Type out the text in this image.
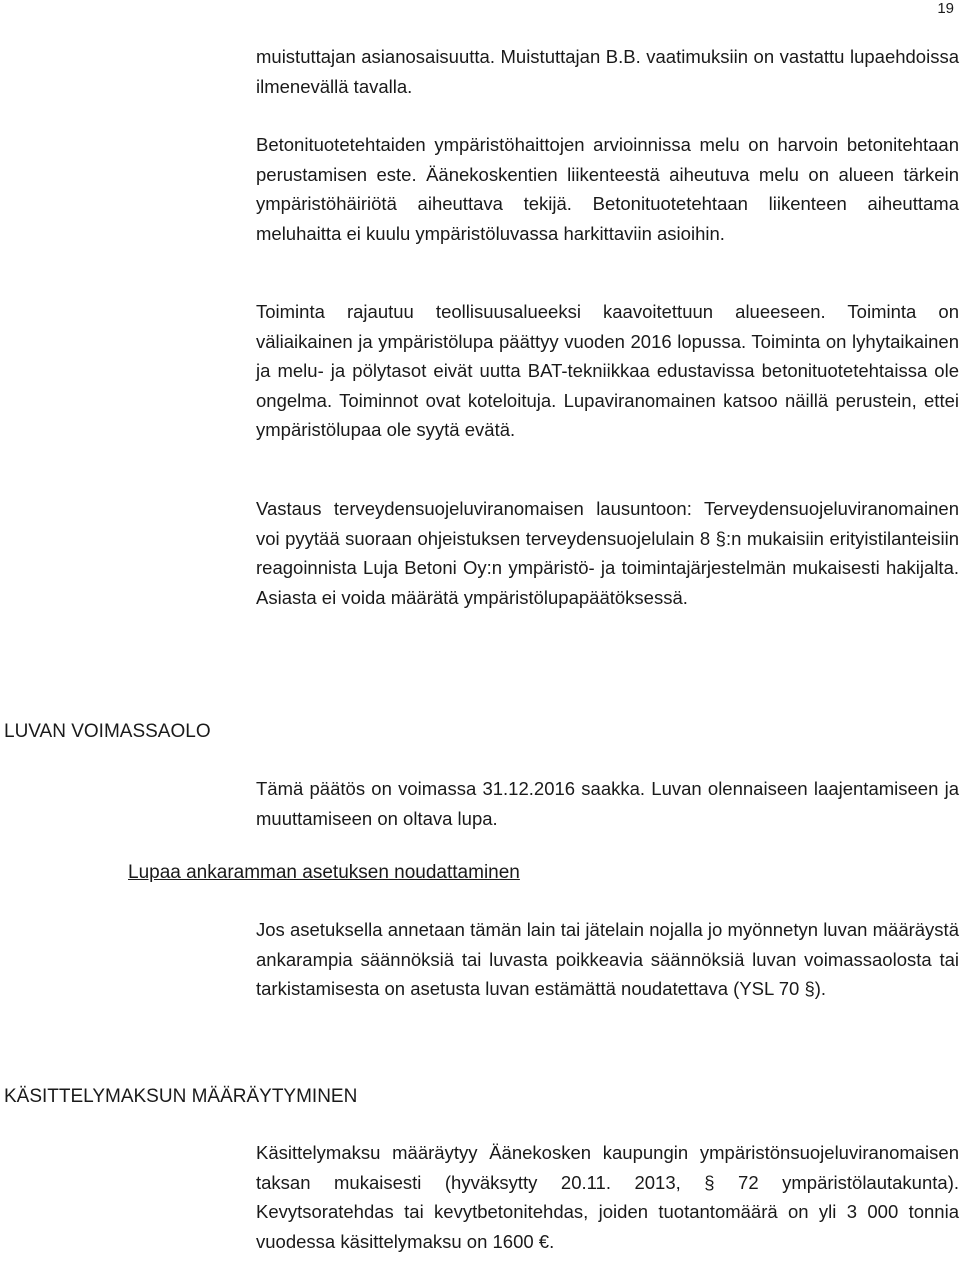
19

muistuttajan asianosaisuutta. Muistuttajan B.B. vaatimuksiin on vastattu lupaehdoissa ilmenevällä tavalla.

Betonituotetehtaiden ympäristöhaittojen arvioinnissa melu on harvoin betonitehtaan perustamisen este. Äänekoskentien liikenteestä aiheutuva melu on alueen tärkein ympäristöhäiriötä aiheuttava tekijä. Betonituotetehtaan liikenteen aiheuttama meluhaitta ei kuulu ympäristöluvassa harkittaviin asioihin.

Toiminta rajautuu teollisuusalueeksi kaavoitettuun alueeseen. Toiminta on väliaikainen ja ympäristölupa päättyy vuoden 2016 lopussa. Toiminta on lyhytaikainen ja melu- ja pölytasot eivät uutta BAT-tekniikkaa edustavissa betonituotetehtaissa ole ongelma. Toiminnot ovat koteloituja. Lupaviranomainen katsoo näillä perustein, ettei ympäristölupaa ole syytä evätä.

Vastaus terveydensuojeluviranomaisen lausuntoon: Terveydensuojeluviranomainen voi pyytää suoraan ohjeistuksen terveydensuojelulain 8 §:n mukaisiin erityistilanteisiin reagoinnista Luja Betoni Oy:n ympäristö- ja toimintajärjestelmän mukaisesti hakijalta. Asiasta ei voida määrätä ympäristölupapäätöksessä.

LUVAN VOIMASSAOLO

Tämä päätös on voimassa 31.12.2016 saakka. Luvan olennaiseen laajentamiseen ja muuttamiseen on oltava lupa.

Lupaa ankaramman asetuksen noudattaminen

Jos asetuksella annetaan tämän lain tai jätelain nojalla jo myönnetyn luvan määräystä ankarampia säännöksiä tai luvasta poikkeavia säännöksiä luvan voimassaolosta tai tarkistamisesta on asetusta luvan estämättä noudatettava (YSL 70 §).

KÄSITTELYMAKSUN MÄÄRÄYTYMINEN

Käsittelymaksu määräytyy Äänekosken kaupungin ympäristönsuojeluviranomaisen taksan mukaisesti (hyväksytty 20.11. 2013, § 72 ympäristölautakunta). Kevytsoratehdas tai kevytbetonitehdas, joiden tuotantomäärä on yli 3 000 tonnia vuodessa käsittelymaksu on 1600 €.
